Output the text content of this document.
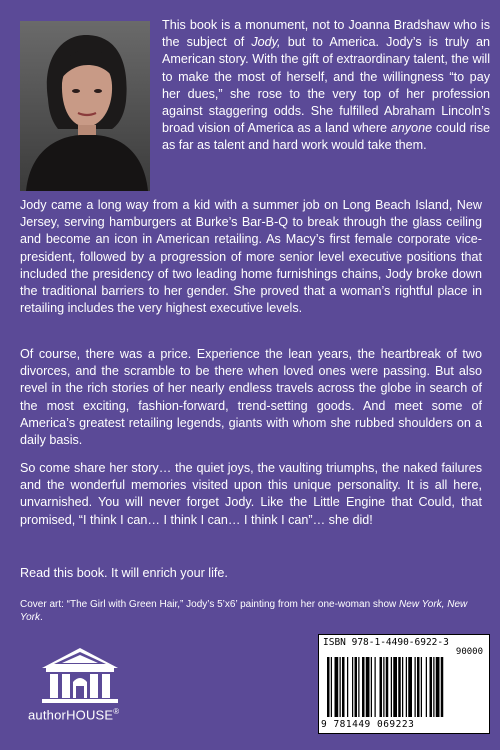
This book is a monument, not to Joanna Bradshaw who is the subject of Jody, but to America. Jody’s is truly an American story. With the gift of extraordinary talent, the will to make the most of herself, and the willingness “to pay her dues,” she rose to the very top of her profession against staggering odds. She fulfilled Abraham Lincoln’s broad vision of America as a land where anyone could rise as far as talent and hard work would take them.

Jody came a long way from a kid with a summer job on Long Beach Island, New Jersey, serving hamburgers at Burke’s Bar-B-Q to break through the glass ceiling and become an icon in American retailing. As Macy’s first female corporate vice-president, followed by a progression of more senior level executive positions that included the presidency of two leading home furnishings chains, Jody broke down the traditional barriers to her gender. She proved that a woman’s rightful place in retailing includes the very highest executive levels.

Of course, there was a price. Experience the lean years, the heartbreak of two divorces, and the scramble to be there when loved ones were passing. But also revel in the rich stories of her nearly endless travels across the globe in search of the most exciting, fashion-forward, trend-setting goods. And meet some of America’s greatest retailing legends, giants with whom she rubbed shoulders on a daily basis.

So come share her story… the quiet joys, the vaulting triumphs, the naked failures and the wonderful memories visited upon this unique personality. It is all here, unvarnished. You will never forget Jody. Like the Little Engine that Could, that promised, “I think I can… I think I can… I think I can”… she did!

Read this book. It will enrich your life.

Cover art: “The Girl with Green Hair,” Jody’s 5’x6’ painting from her one-woman show New York, New York.

authorHOUSE®
ISBN 978-1-4490-6922-3
90000
9 781449 069223
